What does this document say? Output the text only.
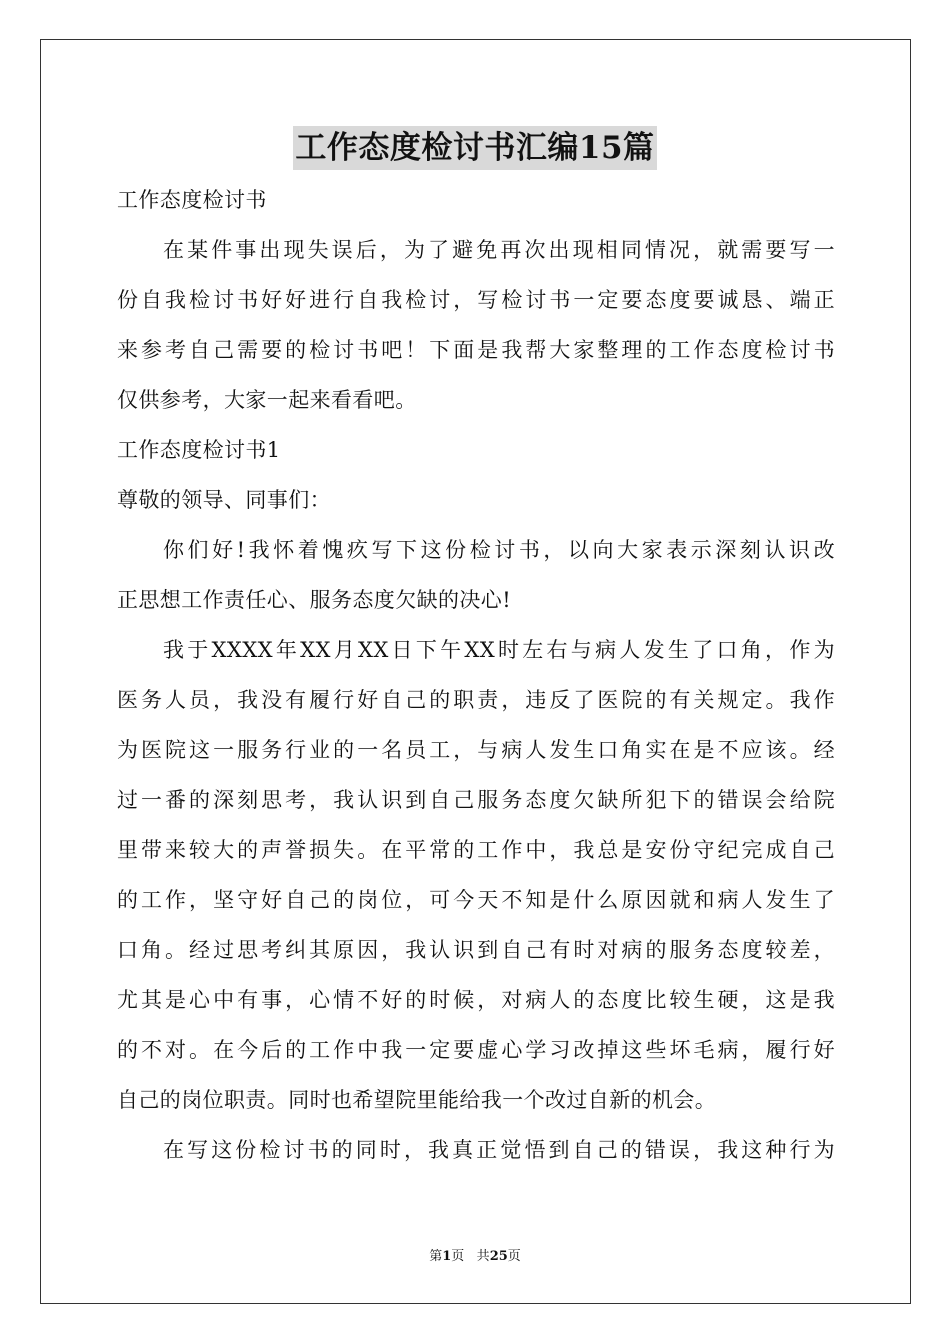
工作态度检讨书汇编15篇
工作态度检讨书
在某件事出现失误后，为了避免再次出现相同情况，就需要写一
份自我检讨书好好进行自我检讨，写检讨书一定要态度要诚恳、端正
来参考自己需要的检讨书吧！下面是我帮大家整理的工作态度检讨书
仅供参考，大家一起来看看吧。
工作态度检讨书1
尊敬的领导、同事们：
你们好!我怀着愧疚写下这份检讨书，以向大家表示深刻认识改
正思想工作责任心、服务态度欠缺的决心!
我于XXXX年XX月XX日下午XX时左右与病人发生了口角，作为
医务人员，我没有履行好自己的职责，违反了医院的有关规定。我作
为医院这一服务行业的一名员工，与病人发生口角实在是不应该。经
过一番的深刻思考，我认识到自己服务态度欠缺所犯下的错误会给院
里带来较大的声誉损失。在平常的工作中，我总是安份守纪完成自己
的工作，坚守好自己的岗位，可今天不知是什么原因就和病人发生了
口角。经过思考纠其原因，我认识到自己有时对病的服务态度较差，
尤其是心中有事，心情不好的时候，对病人的态度比较生硬，这是我
的不对。在今后的工作中我一定要虚心学习改掉这些坏毛病，履行好
自己的岗位职责。同时也希望院里能给我一个改过自新的机会。
在写这份检讨书的同时，我真正觉悟到自己的错误，我这种行为
第1页 共25页
